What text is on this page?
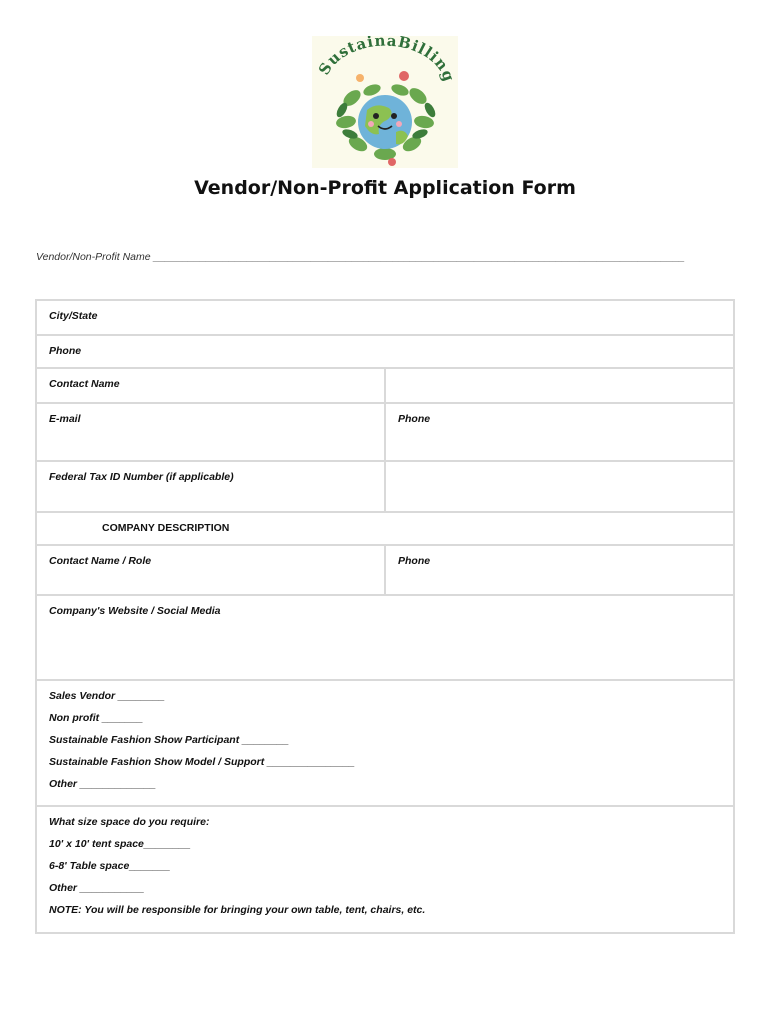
SustainaBilling
Vendor/Non-Profit Application Form
Vendor/Non-Profit Name ___________________________________________________________________________________________
City/State
Phone
Contact Name
E-mail	Phone
Federal Tax ID Number (if applicable)
COMPANY DESCRIPTION
Contact Name / Role	Phone
Company's Website / Social Media
Sales Vendor ________
Non profit _______
Sustainable Fashion Show Participant ________
Sustainable Fashion Show Model / Support _______________
Other _____________
What size space do you require:
10' x 10' tent space________
6-8' Table space_______
Other ___________
NOTE: You will be responsible for bringing your own table, tent, chairs, etc.
